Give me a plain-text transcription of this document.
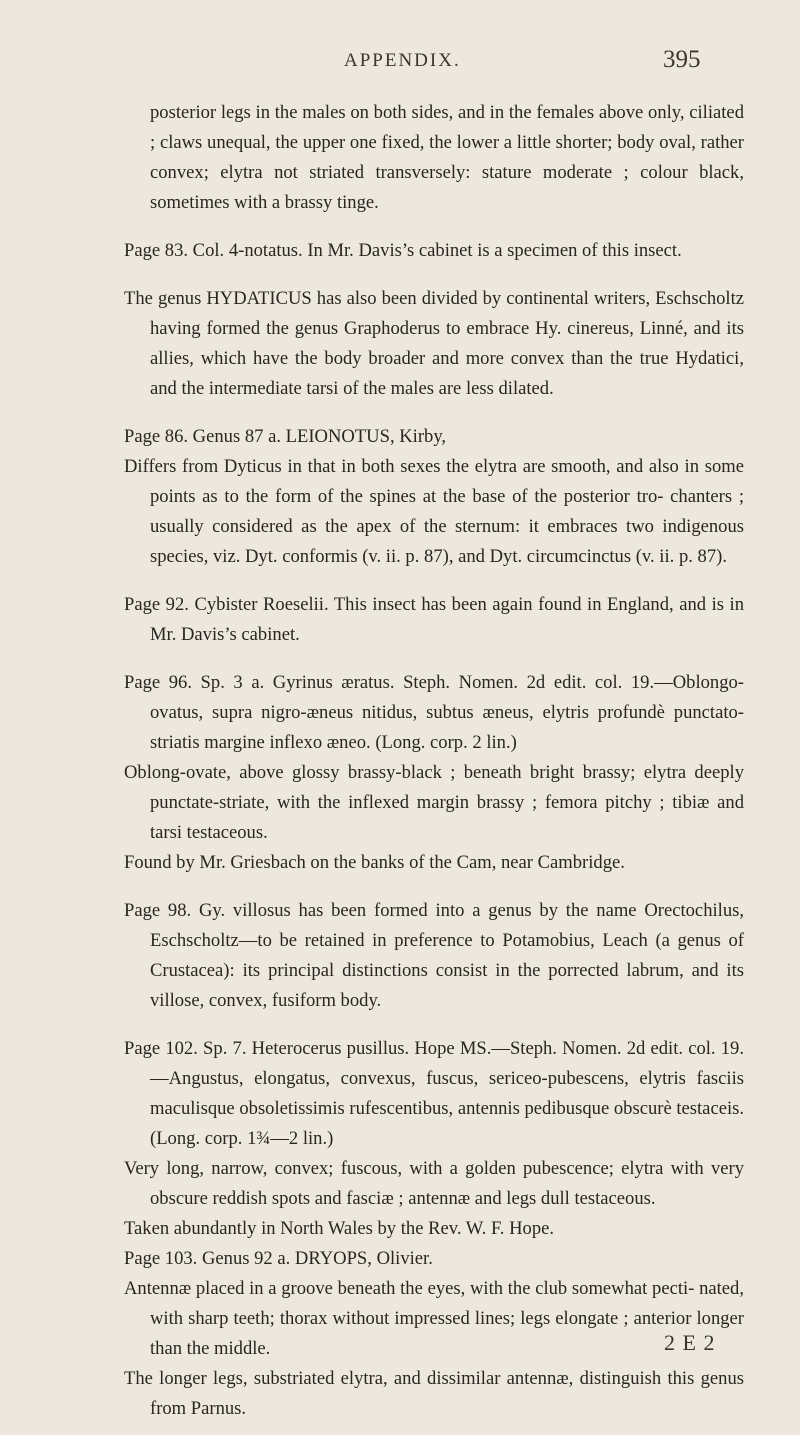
APPENDIX.	395

posterior legs in the males on both sides, and in the females above only, ciliated ; claws unequal, the upper one fixed, the lower a little shorter; body oval, rather convex; elytra not striated transversely: stature moderate ; colour black, sometimes with a brassy tinge.

Page 83. Col. 4-notatus. In Mr. Davis’s cabinet is a specimen of this insect.

The genus HYDATICUS has also been divided by continental writers, Eschscholtz having formed the genus Graphoderus to embrace Hy. cinereus, Linné, and its allies, which have the body broader and more convex than the true Hydatici, and the intermediate tarsi of the males are less dilated.

Page 86. Genus 87 a. LEIONOTUS, Kirby,

Differs from Dyticus in that in both sexes the elytra are smooth, and also in some points as to the form of the spines at the base of the posterior tro- chanters ; usually considered as the apex of the sternum: it embraces two indigenous species, viz. Dyt. conformis (v. ii. p. 87), and Dyt. circumcinctus (v. ii. p. 87).

Page 92. Cybister Roeselii. This insect has been again found in England, and is in Mr. Davis’s cabinet.

Page 96. Sp. 3 a. Gyrinus æratus. Steph. Nomen. 2d edit. col. 19.—Oblongo- ovatus, supra nigro-æneus nitidus, subtus æneus, elytris profundè punctato- striatis margine inflexo æneo. (Long. corp. 2 lin.)

Oblong-ovate, above glossy brassy-black ; beneath bright brassy; elytra deeply punctate-striate, with the inflexed margin brassy ; femora pitchy ; tibiæ and tarsi testaceous.

Found by Mr. Griesbach on the banks of the Cam, near Cambridge.

Page 98. Gy. villosus has been formed into a genus by the name Orectochilus, Eschscholtz—to be retained in preference to Potamobius, Leach (a genus of Crustacea): its principal distinctions consist in the porrected labrum, and its villose, convex, fusiform body.

Page 102. Sp. 7. Heterocerus pusillus. Hope MS.—Steph. Nomen. 2d edit. col. 19.—Angustus, elongatus, convexus, fuscus, sericeo-pubescens, elytris fasciis maculisque obsoletissimis rufescentibus, antennis pedibusque obscurè testaceis. (Long. corp. 1¾—2 lin.)

Very long, narrow, convex; fuscous, with a golden pubescence; elytra with very obscure reddish spots and fasciæ ; antennæ and legs dull testaceous.

Taken abundantly in North Wales by the Rev. W. F. Hope.

Page 103. Genus 92 a. DRYOPS, Olivier.

Antennæ placed in a groove beneath the eyes, with the club somewhat pecti- nated, with sharp teeth; thorax without impressed lines; legs elongate ; anterior longer than the middle.

The longer legs, substriated elytra, and dissimilar antennæ, distinguish this genus from Parnus.

2 E 2
